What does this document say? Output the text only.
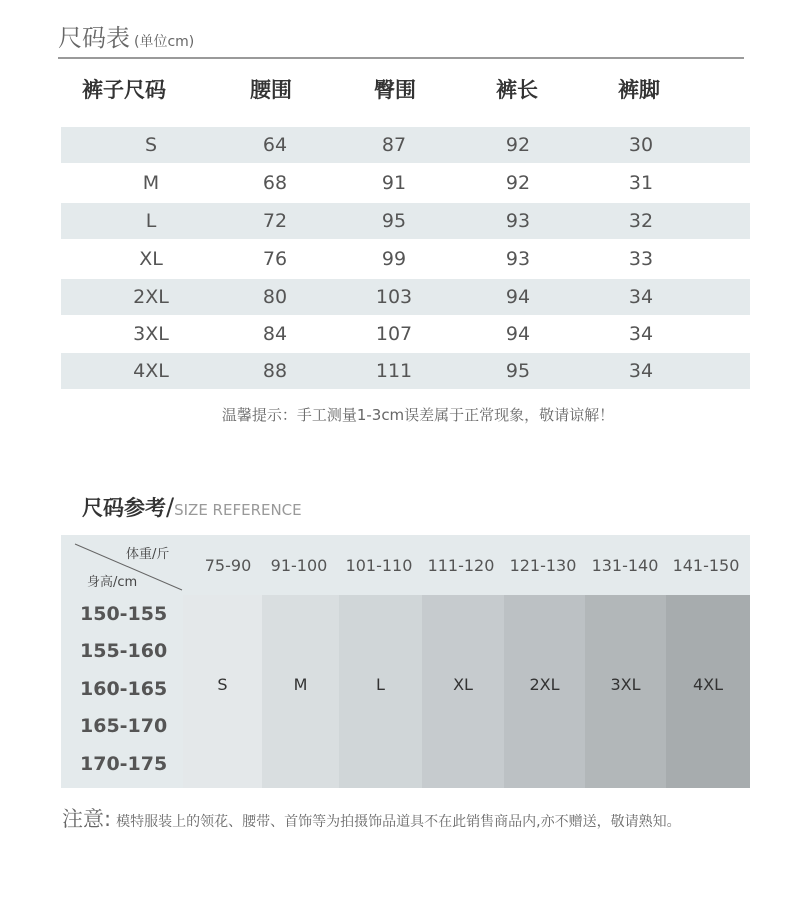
尺码表 (单位cm)
裤子尺码	腰围	臀围	裤长	裤脚
S	64	87	92	30
M	68	91	92	31
L	72	95	93	32
XL	76	99	93	33
2XL	80	103	94	34
3XL	84	107	94	34
4XL	88	111	95	34
温馨提示：手工测量1-3cm误差属于正常现象，敬请谅解！
尺码参考/SIZE REFERENCE
体重/斤
身高/cm
75-90	91-100	101-110 111-120 121-130 131-140 141-150
150-155
155-160
160-165
165-170
170-175
S	M	L	XL	2XL	3XL	4XL
注意: 模特服装上的领花、腰带、首饰等为拍摄饰品道具不在此销售商品内,亦不赠送，敬请熟知。
